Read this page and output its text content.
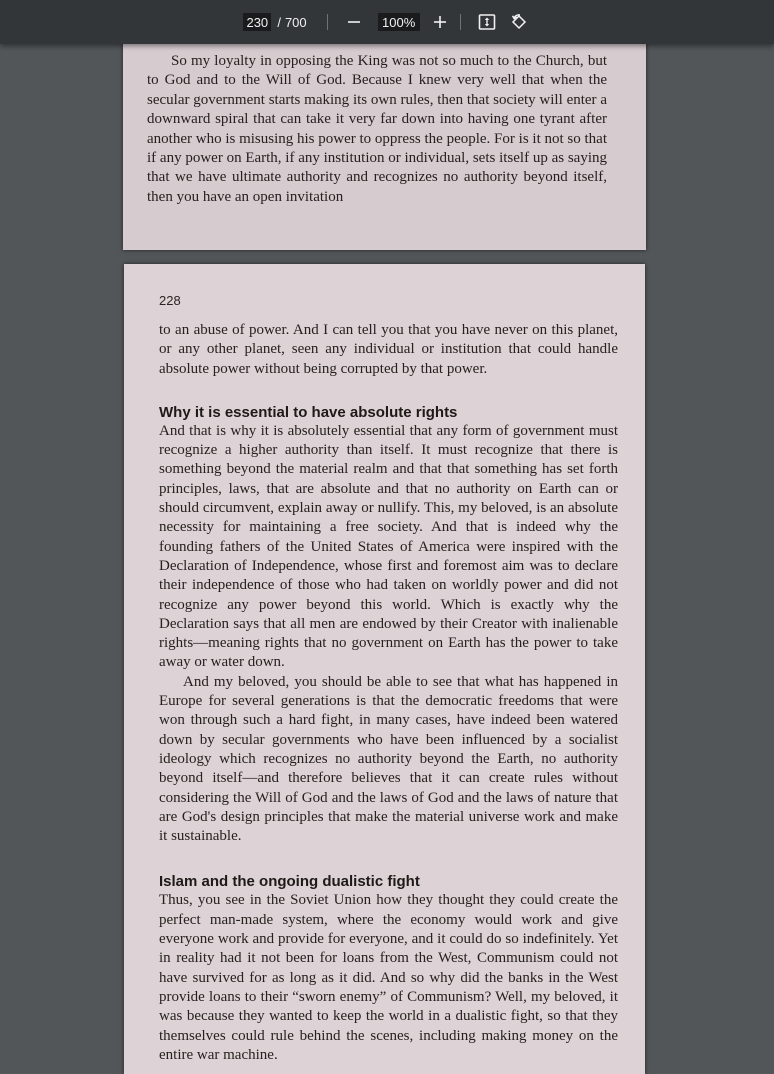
230
/ 700
100%

So my loyalty in opposing the King was not so much to the Church, but to God and to the Will of God. Because I knew very well that when the secular government starts making its own rules, then that society will enter a downward spiral that can take it very far down into having one tyrant after another who is misusing his power to oppress the people. For is it not so that if any power on Earth, if any institution or individual, sets itself up as saying that we have ultimate authority and recognizes no authority beyond itself, then you have an open invitation

228

to an abuse of power. And I can tell you that you have never on this planet, or any other planet, seen any individual or institution that could handle absolute power without being corrupted by that power.

Why it is essential to have absolute rights

And that is why it is absolutely essential that any form of government must recognize a higher authority than itself. It must recognize that there is something beyond the material realm and that that something has set forth principles, laws, that are absolute and that no authority on Earth can or should circumvent, explain away or nullify. This, my beloved, is an absolute necessity for maintaining a free society. And that is indeed why the founding fathers of the United States of America were inspired with the Declaration of Independence, whose first and foremost aim was to declare their independence of those who had taken on worldly power and did not recognize any power beyond this world. Which is exactly why the Declaration says that all men are endowed by their Creator with inalienable rights—meaning rights that no government on Earth has the power to take away or water down.

And my beloved, you should be able to see that what has happened in Europe for several generations is that the democratic freedoms that were won through such a hard fight, in many cases, have indeed been watered down by secular governments who have been influenced by a socialist ideology which recognizes no authority beyond the Earth, no authority beyond itself—and therefore believes that it can create rules without considering the Will of God and the laws of God and the laws of nature that are God's design principles that make the material universe work and make it sustainable.

Islam and the ongoing dualistic fight

Thus, you see in the Soviet Union how they thought they could create the perfect man-made system, where the economy would work and give everyone work and provide for everyone, and it could do so indefinitely. Yet in reality had it not been for loans from the West, Communism could not have survived for as long as it did. And so why did the banks in the West provide loans to their “sworn enemy” of Communism? Well, my beloved, it was because they wanted to keep the world in a dualistic fight, so that they themselves could rule behind the scenes, including making money on the entire war machine.
